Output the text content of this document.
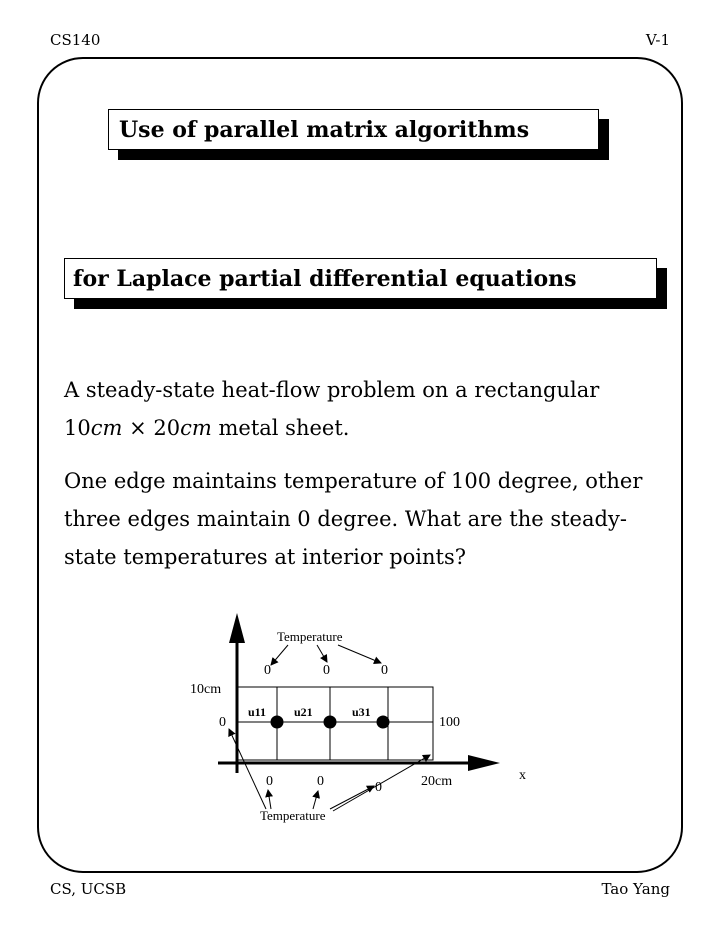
CS140	V-1
Use of parallel matrix algorithms
for Laplace partial differential equations
A steady-state heat-flow problem on a rectangular
10cm × 20cm metal sheet.
One edge maintains temperature of 100 degree, other three edges maintain 0 degree. What are the steady-state temperatures at interior points?
u11 u21	u31
10cm
20cm	x
0	100
0	0	0
Temperature
0	0	0
Temperature
CS, UCSB	Tao Yang
